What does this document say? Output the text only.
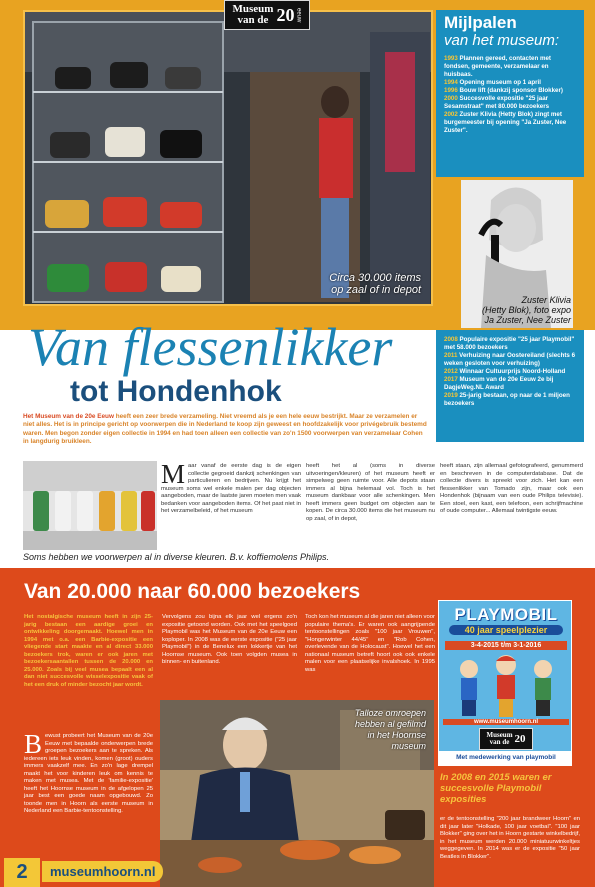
Circa 30.000 items
op zaal of in depot
Museum
van de 20 eeuw	Mijlpalen
van het museum:
1993 Plannen gereed, contacten met fondsen, gemeente, verzamelaar en huisbaas.
1994 Opening museum op 1 april
1996 Bouw lift (dankzij sponsor Blokker)
2000 Succesvolle expositie "25 jaar Sesamstraat" met 80.000 bezoekers
2002 Zuster Klivia (Hetty Blok) zingt met burgemeester bij opening "Ja Zuster, Nee Zuster".
Zuster Klivia
(Hetty Blok), foto expo
Ja Zuster, Nee Zuster
2008 Populaire expositie "25 jaar Playmobil" met 58.000 bezoekers
2011 Verhuizing naar Oostereiland (slechts 6 weken gesloten voor verhuizing)
2012 Winnaar Cultuurprijs Noord-Holland
2017 Museum van de 20e Eeuw 2e bij DagjeWeg.NL Award
2019 25-jarig bestaan, op naar de 1 miljoen bezoekers
Van flessenlikker
tot Hondenhok
Het Museum van de 20e Eeuw heeft een zeer brede verzameling. Niet vreemd als je een hele eeuw bestrijkt. Maar ze verzamelen er niet alles. Het is in principe gericht op voorwerpen die in Nederland te koop zijn geweest en hoofdzakelijk voor privégebruik bestemd waren. Men begon zonder eigen collectie in 1994 en had toen alleen een collectie van zo'n 1500 voorwerpen van verzamelaar Cohen in langdurig bruikleen.
Maar vanaf de eerste dag is de eigen collectie gegroeid dankzij schenkingen van particulieren en bedrijven. Nu krijgt het museum soms wel enkele malen per dag objecten aangeboden, maar de laatste jaren moeten men vaak bedanken voor aangeboden items. Of het past niet in het verzamelbeleid, of het museum
heeft het al (soms in diverse uitvoeringen/kleuren) of het museum heeft er simpelweg geen ruimte voor. Alle depots staan immers al bijna helemaal vol. Toch is het museum dankbaar voor alle schenkingen. Men heeft immers geen budget om objecten aan te kopen. De circa 30.000 items die het museum nu op zaal, of in depot,
heeft staan, zijn allemaal gefotografeerd, genummerd en beschreven in de computerdatabase. Dat de collectie divers is spreekt voor zich. Het kan een flessenlikker van Tomado zijn, maar ook een Hondenhok (bijnaam van een oude Philips televisie). Een stoel, een kast, een telefoon, een schrijfmachine of oude computer... Allemaal twintigste eeuw.
Soms hebben we voorwerpen al in diverse kleuren. B.v. koffiemolens Philips.
Van 20.000 naar 60.000 bezoekers
Het nostalgische museum heeft in zijn 25-jarig bestaan een aardige groei en ontwikkeling doorgemaakt. Hoewel men in 1994 met o.a. een Barbie-expositie een vliegende start maakte en al direct 33.000 bezoekers trok, waren er ook jaren met bezoekersaantallen tussen de 20.000 en 25.000. Zoals bij veel musea bepaalt een al dan niet succesvolle wisselexpositie vaak of het een druk of minder bezocht jaar wordt.
Bewust probeert het Museum van de 20e Eeuw met bepaalde onderwerpen brede groepen bezoekers aan te spreken. Als iedereen iets leuk vinden, komen (groot) ouders immers vaakzelf mee. En zo'n lage drempel maakt het voor kinderen leuk om kennis te maken met musea. Met de 'familie-expositie' heeft het Hoornse museum in de afgelopen 25 jaar best een goede naam opgebouwd. Zo toonde men in Hoorn als eerste museum in Nederland een Barbie-tentoonstelling.
Vervolgens zou bijna elk jaar wel ergens zo'n expositie getoond worden. Ook met het speelgoed Playmobil was het Museum van de 20e Eeuw een koploper. In 2008 was de eerste expositie ("25 jaar Playmobil") in de Benelux een lokkertje van het Hoornse museum. Ook toen volgden musea in binnen- en buitenland.
Toch kon het museum al die jaren niet alleen voor populaire thema's. Er waren ook aangrijpende tentoonstellingen zoals "100 jaar Vrouwen", "Hongerwinter 44/45" en "Rob Cohen, overlevende van de Holocaust". Hoewel het een nationaal museum betreft hoort ook ook enkele malen voor een plaatselijke invalshoek. In 1995 was
Talloze omroepen
hebben al gefilmd
in het Hoornse
museum
PLAYMOBIL
40 jaar speelplezier
3-4-2015 t/m 3-1-2016
www.museumhoorn.nl
Museum
van de 20
Met medewerking van playmobil
In 2008 en 2015 waren er succesvolle Playmobil exposities
er de tentoonstelling "200 jaar brandweer Hoorn" en dit jaar later "Holkade, 100 jaar voetbal". "100 jaar Blokker" ging over het in Hoorn gestarte winkelbedrijf, in het museum werden 20.000 miniatuurwinkeltjes weggegeven. In 2014 was er de expositie "50 jaar Beatles in Blokker".
2	museumhoorn.nl
